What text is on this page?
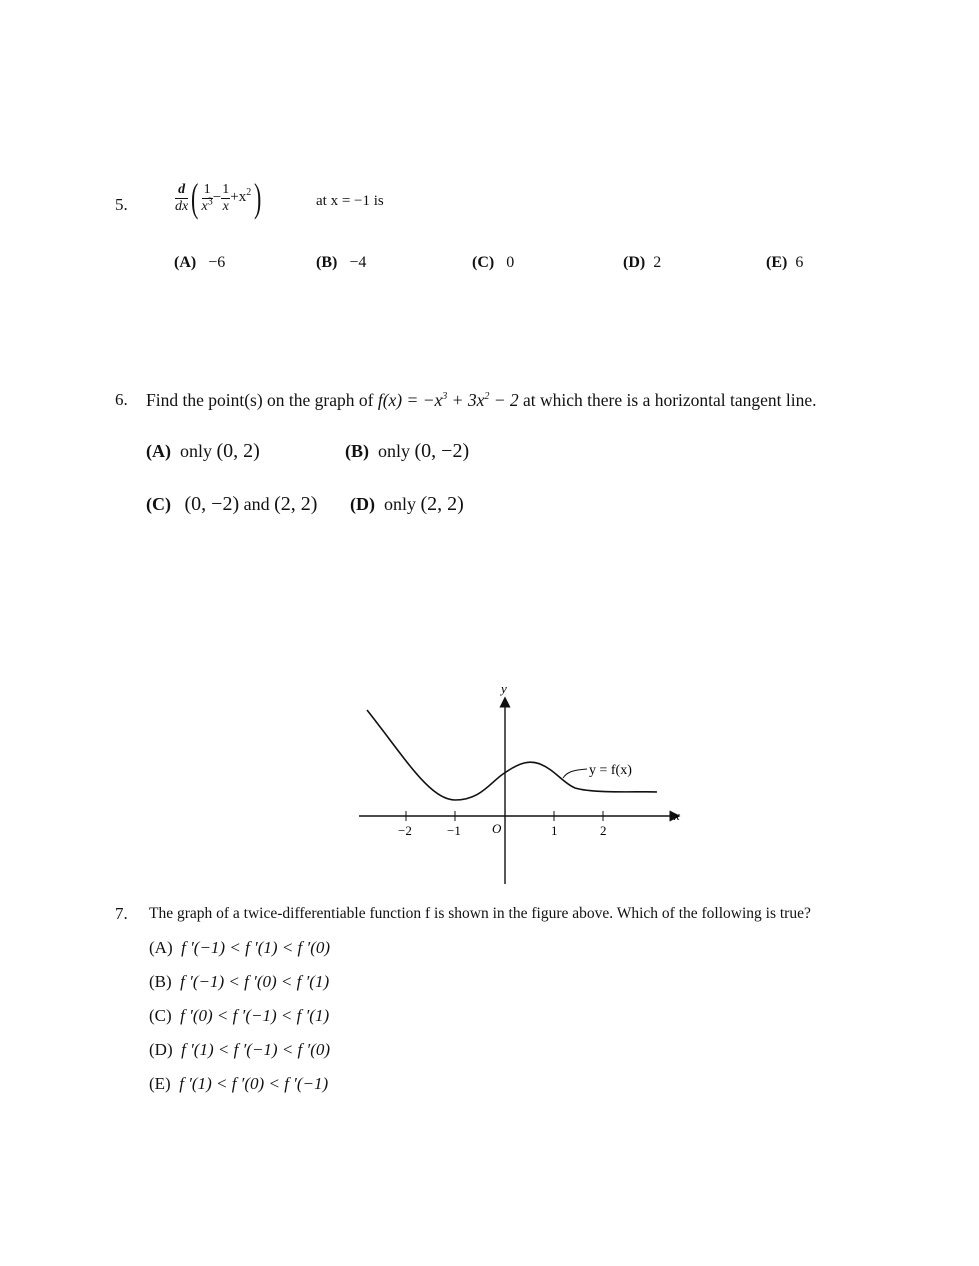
5.	$\frac{d}{dx}$ ( $\frac{1}{x^3} - \frac{1}{x} +x^2$)	at x = −1 is
(A) −6	(B) −4	(C) 0	(D) 2	(E) 6
6. Find the point(s) on the graph of $f(x) = -x^3 + 3x^2 - 2$ at which there is a horizontal tangent line.
(A) only (0, 2)	(B) only (0, −2)
(C) (0, −2) and (2, 2) (D) only (2, 2)
y
x
y = f(x)
O
−2	−1	1	2
7. The graph of a twice-differentiable function f is shown in the figure above. Which of the following is true?
(A) f ′(−1) < f ′(1) < f ′(0)
(B) f ′(−1) < f ′(0) < f ′(1)
(C) f ′(0) < f ′(−1) < f ′(1)
(D) f ′(1) < f ′(−1) < f ′(0)
(E) f ′(1) < f ′(0) < f ′(−1)
